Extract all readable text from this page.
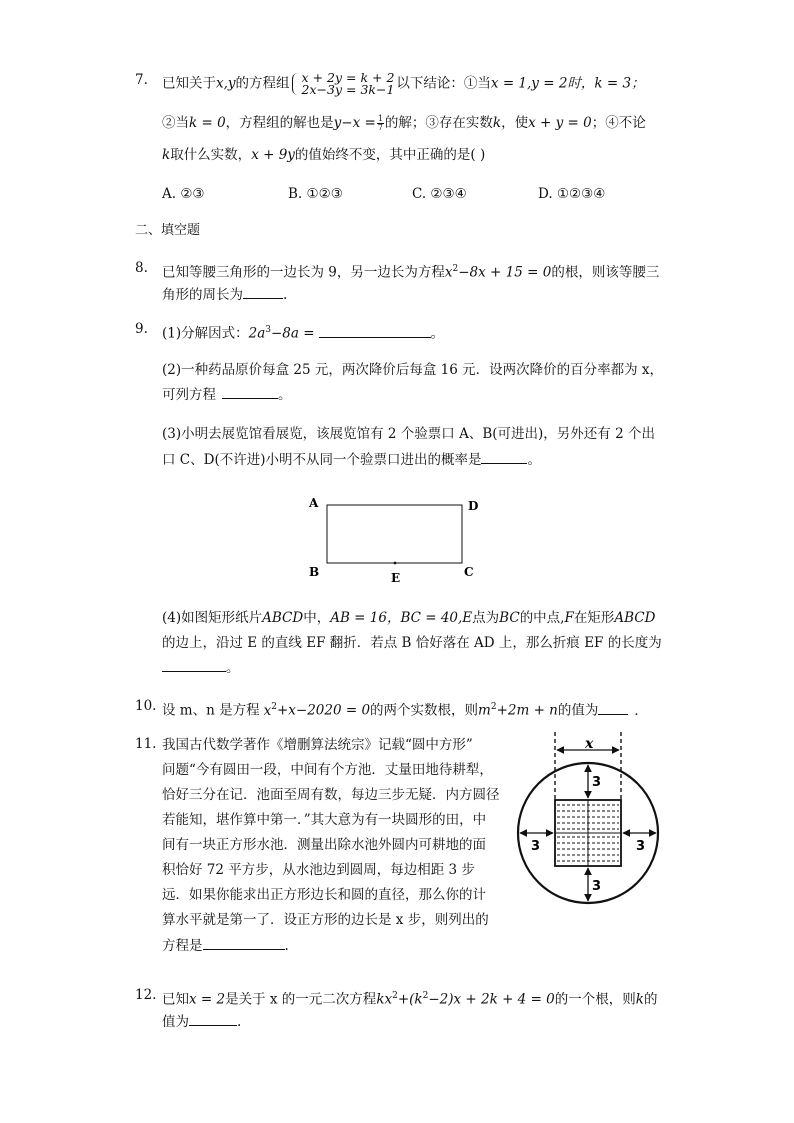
7.	已知关于x,y的方程组 x + 2y = k + 2
2x−3y = 3k−1 以下结论：①当x = 1,y = 2时，k = 3；
②当k = 0，方程组的解也是$y-x = \frac{1}{7}$ 的解；③存在实数k，使x + y = 0；④不论
k取什么实数，x + 9y的值始终不变，其中正确的是( )
A. ②③	B. ①②③	C. ②③④	D. ①②③④
二、填空题
8.	已知等腰三角形的一边长为 9，另一边长为方程$x^2-8x + 15 = 0$的根，则该等腰三
角形的周长为	.
9.	(1)分解因式：$2a^3-8a$ =	。
(2)一种药品原价每盒 25 元，两次降价后每盒 16 元．设两次降价的百分率都为 x，
可列方程	。
(3)小明去展览馆看展览，该展览馆有 2 个验票口 A、B(可进出)，另外还有 2 个出
口 C、D(不许进)小明不从同一个验票口进出的概率是	。
A	D
B	C
E
(4)如图矩形纸片ABCD中，AB = 16，BC = 40,E点为BC的中点,F在矩形ABCD
的边上，沿过 E 的直线 EF 翻折．若点 B 恰好落在 AD 上，那么折痕 EF 的长度为
。
10. 设 m、n 是方程 $x^2+x-2020 = 0$的两个实数根，则$m^2+2m + n$的值为	．
11. 我国古代数学著作《增删算法统宗》记载“圆中方形”
问题“今有圆田一段，中间有个方池．丈量田地待耕犁，
恰好三分在记．池面至周有数，每边三步无疑．内方圆径
若能知，堪作算中第一．”其大意为有一块圆形的田，中
间有一块正方形水池．测量出除水池外圆内可耕地的面
积恰好 72 平方步，从水池边到圆周，每边相距 3 步
远．如果你能求出正方形边长和圆的直径，那么你的计
算水平就是第一了．设正方形的边长是 x 步，则列出的
方程是	.
x
3
3	3
3
12. 已知x = 2是关于 x 的一元二次方程$kx^2+(k^2-2)x + 2k + 4 = 0$的一个根，则k的
值为	.
